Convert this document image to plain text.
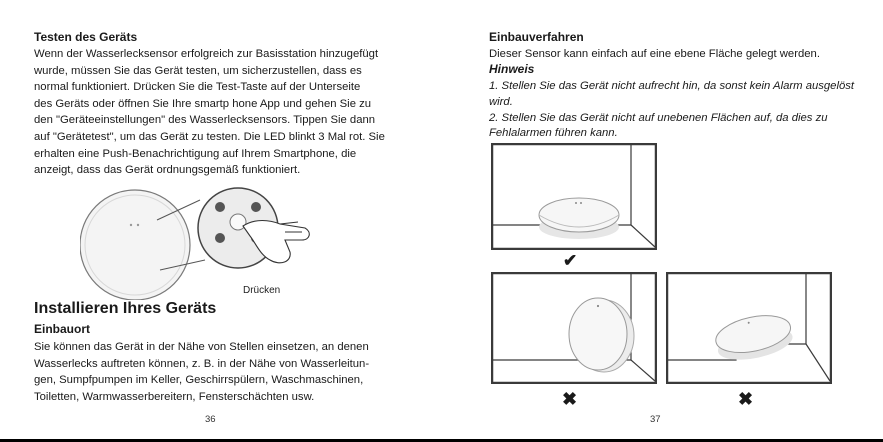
Testen des Geräts
Wenn der Wasserlecksensor erfolgreich zur Basisstation hinzugefügt
wurde, müssen Sie das Gerät testen, um sicherzustellen, dass es
normal funktioniert. Drücken Sie die Test-Taste auf der Unterseite
des Geräts oder öffnen Sie Ihre smartp hone App und gehen Sie zu
den "Geräteeinstellungen" des Wasserlecksensors. Tippen Sie dann
auf "Gerätetest", um das Gerät zu testen. Die LED blinkt 3 Mal rot. Sie
erhalten eine Push-Benachrichtigung auf Ihrem Smartphone, die
anzeigt, dass das Gerät ordnungsgemäß funktioniert.
Drücken
Installieren Ihres Geräts
Einbauort
Sie können das Gerät in der Nähe von Stellen einsetzen, an denen
Wasserlecks auftreten können, z. B. in der Nähe von Wasserleitun-
gen, Sumpfpumpen im Keller, Geschirrspülern, Waschmaschinen,
Toiletten, Warmwasserbereitern, Fensterschächten usw.
36
Einbauverfahren
Dieser Sensor kann einfach auf eine ebene Fläche gelegt werden.
Hinweis
1. Stellen Sie das Gerät nicht aufrecht hin, da sonst kein Alarm ausgelöst
wird.
2. Stellen Sie das Gerät nicht auf unebenen Flächen auf, da dies zu
Fehlalarmen führen kann.
✔
✖	✖
37
